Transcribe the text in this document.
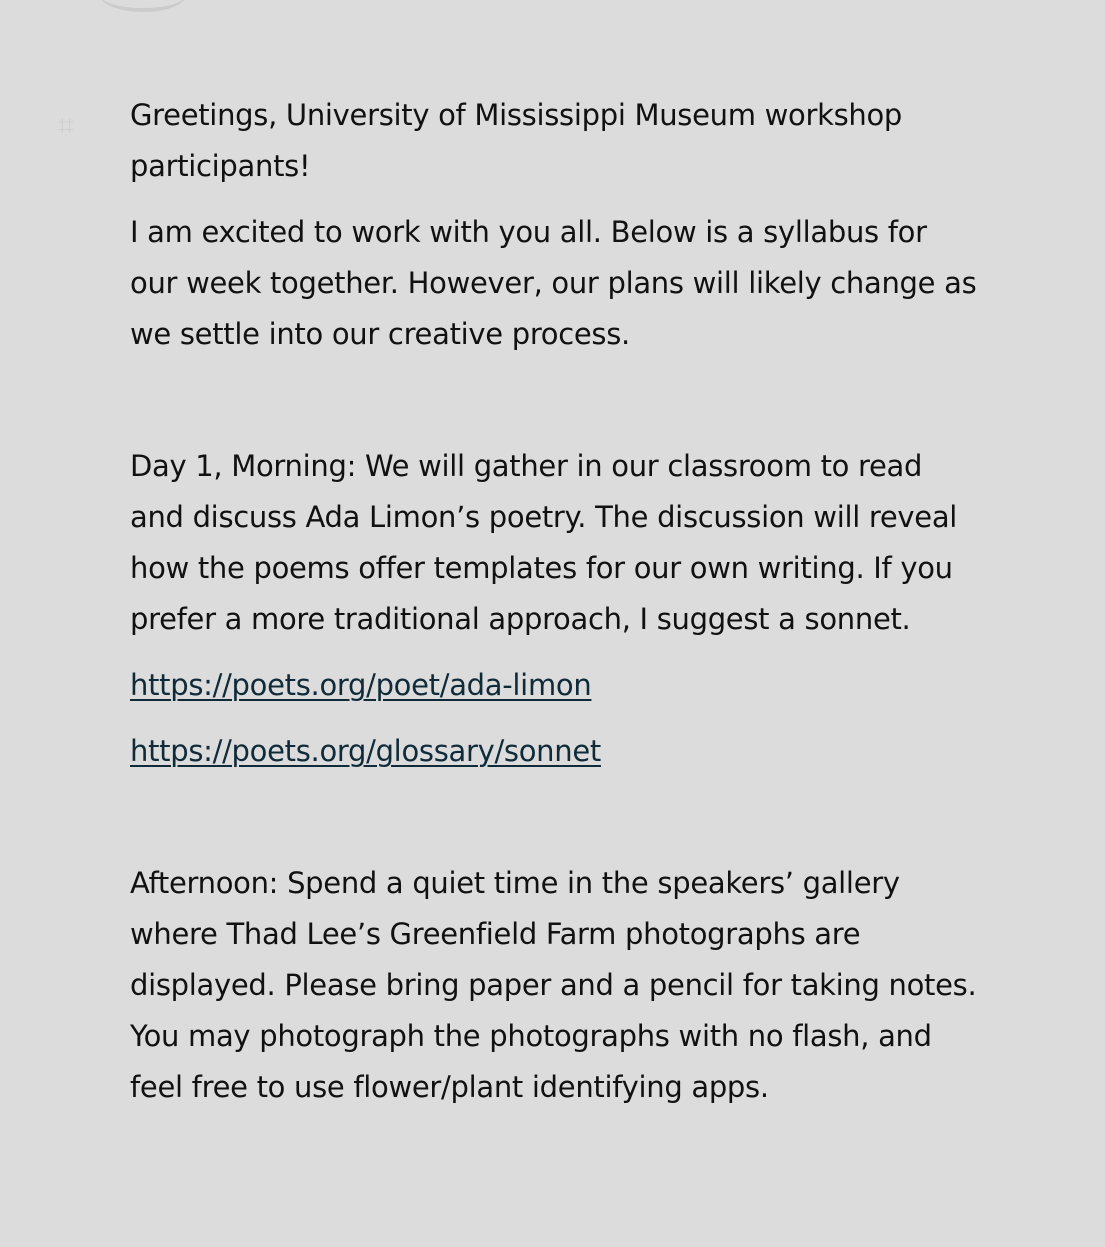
⌗	Greetings, University of Mississippi Museum workshop participants!

I am excited to work with you all. Below is a syllabus for our week together. However, our plans will likely change as we settle into our creative process.

Day 1, Morning: We will gather in our classroom to read and discuss Ada Limon’s poetry. The discussion will reveal how the poems offer templates for our own writing. If you prefer a more traditional approach, I suggest a sonnet.

https://poets.org/poet/ada-limon

https://poets.org/glossary/sonnet

Afternoon: Spend a quiet time in the speakers’ gallery where Thad Lee’s Greenfield Farm photographs are displayed. Please bring paper and a pencil for taking notes. You may photograph the photographs with no flash, and feel free to use flower/plant identifying apps.
